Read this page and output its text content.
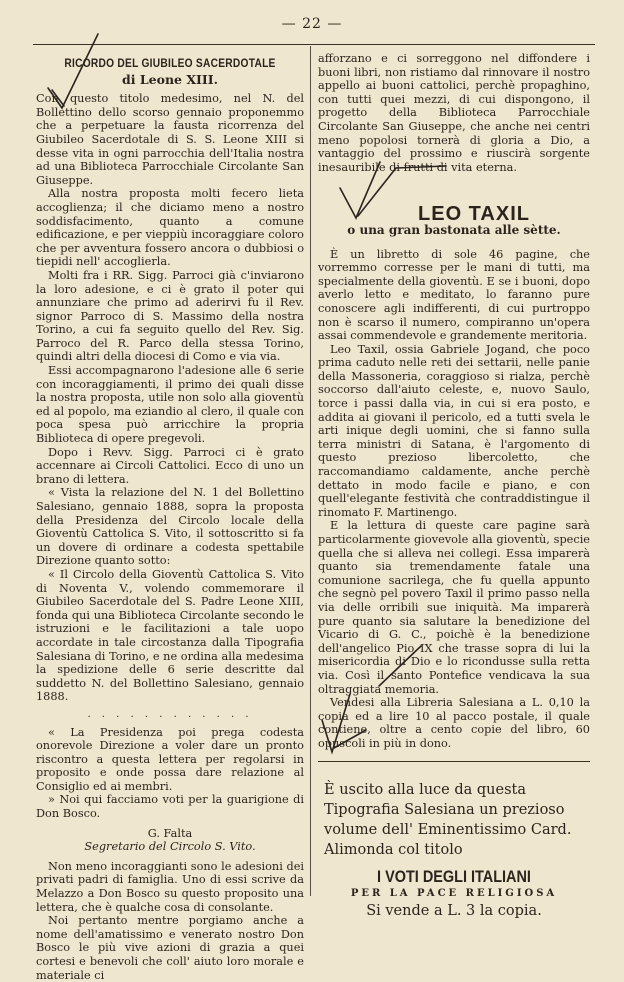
— 22 —
RICORDO DEL GIUBILEO SACERDOTALE
di Leone XIII.

Con questo titolo medesimo, nel N. del Bollettino dello scorso gennaio proponemmo che a perpetuare la fausta ricorrenza del Giubileo Sacerdotale di S. S. Leone XIII si desse vita in ogni parrocchia dell'Italia nostra ad una Biblioteca Parrocchiale Circolante San Giuseppe.

Alla nostra proposta molti fecero lieta accoglienza; il che diciamo meno a nostro soddisfacimento, quanto a comune edificazione, e per vieppiù incoraggiare coloro che per avventura fossero ancora o dubbiosi o tiepidi nell' accoglierla.

Molti fra i RR. Sigg. Parroci già c'inviarono la loro adesione, e ci è grato il poter qui annunziare che primo ad aderirvi fu il Rev. signor Parroco di S. Massimo della nostra Torino, a cui fa seguito quello del Rev. Sig. Parroco del R. Parco della stessa Torino, quindi altri della diocesi di Como e via via.

Essi accompagnarono l'adesione alle 6 serie con incoraggiamenti, il primo dei quali disse la nostra proposta, utile non solo alla gioventù ed al popolo, ma eziandio al clero, il quale con poca spesa può arricchire la propria Biblioteca di opere pregevoli.

Dopo i Revv. Sigg. Parroci ci è grato accennare ai Circoli Cattolici. Ecco di uno un brano di lettera.

« Vista la relazione del N. 1 del Bollettino Salesiano, gennaio 1888, sopra la proposta della Presidenza del Circolo locale della Gioventù Cattolica S. Vito, il sottoscritto si fa un dovere di ordinare a codesta spettabile Direzione quanto sotto:

« Il Circolo della Gioventù Cattolica S. Vito di Noventa V., volendo commemorare il Giubileo Sacerdotale del S. Padre Leone XIII, fonda qui una Biblioteca Circolante secondo le istruzioni e le facilitazioni a tale uopo accordate in tale circostanza dalla Tipografia Salesiana di Torino, e ne ordina alla medesima la spedizione delle 6 serie descritte dal suddetto N. del Bollettino Salesiano, gennaio 1888.

. . . . . . . . . . . .

« La Presidenza poi prega codesta onorevole Direzione a voler dare un pronto riscontro a questa lettera per regolarsi in proposito e onde possa dare relazione al Consiglio ed ai membri.

» Noi qui facciamo voti per la guarigione di Don Bosco.

G. Falta
Segretario del Circolo S. Vito.

Non meno incoraggianti sono le adesioni dei privati padri di famiglia. Uno di essi scrive da Melazzo a Don Bosco su questo proposito una lettera, che è qualche cosa di consolante.

Noi pertanto mentre porgiamo anche a nome dell'amatissimo e venerato nostro Don Bosco le più vive azioni di grazia a quei cortesi e benevoli che coll' aiuto loro morale e materiale ci

afforzano e ci sorreggono nel diffondere i buoni libri, non ristiamo dal rinnovare il nostro appello ai buoni cattolici, perchè propaghino, con tutti quei mezzi, di cui dispongono, il progetto della Biblioteca Parrocchiale Circolante San Giuseppe, che anche nei centri meno popolosi tornerà di gloria a Dio, a vantaggio del prossimo e riuscirà sorgente inesauribile di frutti di vita eterna.

LEO TAXIL
o una gran bastonata alle sètte.

È un libretto di sole 46 pagine, che vorremmo corresse per le mani di tutti, ma specialmente della gioventù. E se i buoni, dopo averlo letto e meditato, lo faranno pure conoscere agli indifferenti, di cui purtroppo non è scarso il numero, compiranno un'opera assai commendevole e grandemente meritoria.

Leo Taxil, ossia Gabriele Jogand, che poco prima caduto nelle reti dei settarii, nelle panie della Massoneria, coraggioso si rialza, perchè soccorso dall'aiuto celeste, e, nuovo Saulo, torce i passi dalla via, in cui si era posto, e addita ai giovani il pericolo, ed a tutti svela le arti inique degli uomini, che si fanno sulla terra ministri di Satana, è l'argomento di questo prezioso libercoletto, che raccomandiamo caldamente, anche perchè dettato in modo facile e piano, e con quell'elegante festività che contraddistingue il rinomato F. Martinengo.

E la lettura di queste care pagine sarà particolarmente giovevole alla gioventù, specie quella che si alleva nei collegi. Essa imparerà quanto sia tremendamente fatale una comunione sacrilega, che fu quella appunto che segnò pel povero Taxil il primo passo nella via delle orribili sue iniquità. Ma imparerà pure quanto sia salutare la benedizione del Vicario di G. C., poichè è la benedizione dell'angelico Pio IX che trasse sopra di lui la misericordia di Dio e lo ricondusse sulla retta via. Così il santo Pontefice vendicava la sua oltraggiata memoria.

Vendesi alla Libreria Salesiana a L. 0,10 la copia ed a lire 10 al pacco postale, il quale contiene, oltre a cento copie del libro, 60 opuscoli in più in dono.

È uscito alla luce da questa Tipografia Salesiana un prezioso volume dell' Eminentissimo Card. Alimonda col titolo
I VOTI DEGLI ITALIANI
PER LA PACE RELIGIOSA
Si vende a L. 3 la copia.
